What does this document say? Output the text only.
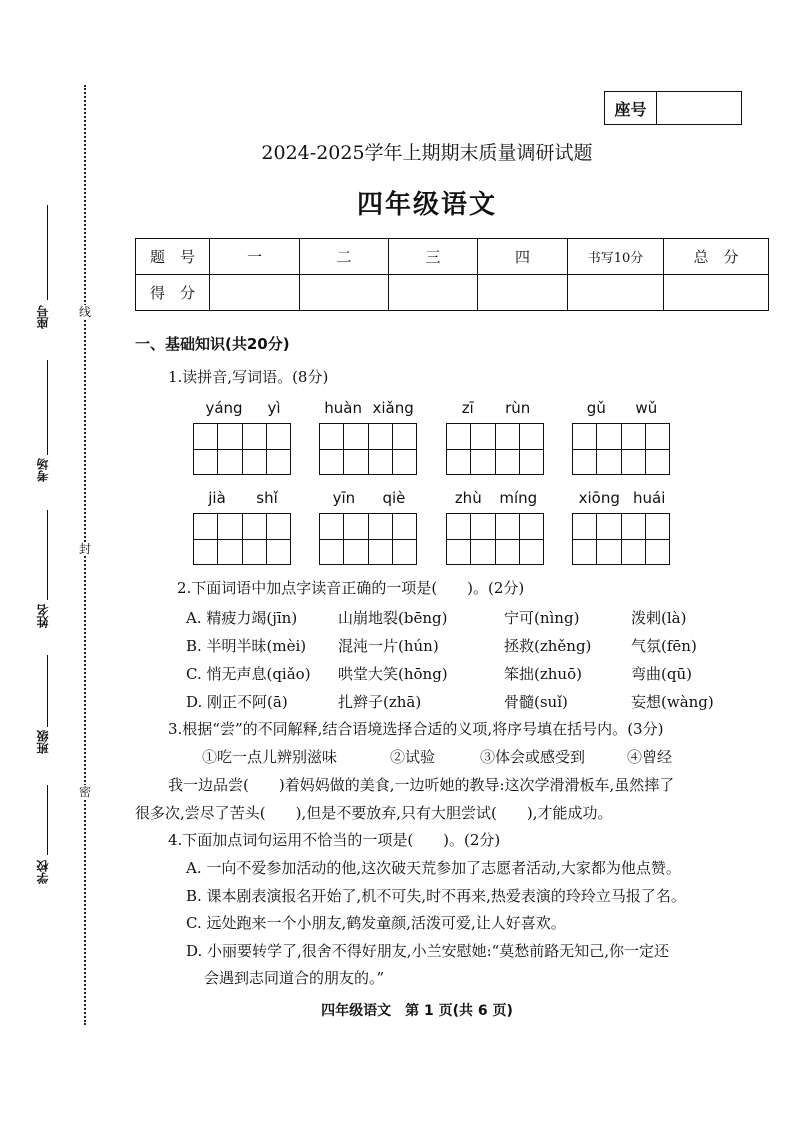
线
封
密
座号
考场
姓名
班级
学校
座号
2024-2025学年上期期末质量调研试题
四年级语文
题　号	一	二	三	四	书写10分	总　分
得　分						
一、基础知识(共20分)
1.读拼音,写词语。(8分)
yáng yì	huàn xiǎng	zī rùn	gǔ wǔ
jià shǐ	yīn qiè	zhù míng	xiōng huái
2.下面词语中加点字读音正确的一项是(　　)。(2分)
A. 精疲力竭(jīn)	山崩地裂(bēng)	宁可(nìng)	泼剌(là)
B. 半明半昧(mèi) 混沌一片(hún)	拯救(zhěng)	气氛(fēn)
C. 悄无声息(qiǎo) 哄堂大笑(hōng)	笨拙(zhuō)	弯曲(qū)
D. 刚正不阿(ā)	扎辫子(zhā)	骨髓(suǐ)	妄想(wàng)
3.根据“尝”的不同解释,结合语境选择合适的义项,将序号填在括号内。(3分)
①吃一点儿辨别滋味	②试验	③体会或感受到	④曾经
我一边品尝(　　)着妈妈做的美食,一边听她的教导:这次学滑滑板车,虽然摔了
很多次,尝尽了苦头(　　),但是不要放弃,只有大胆尝试(　　),才能成功。
4.下面加点词句运用不恰当的一项是(　　)。(2分)
A. 一向不爱参加活动的他,这次破天荒参加了志愿者活动,大家都为他点赞。
B. 课本剧表演报名开始了,机不可失,时不再来,热爱表演的玲玲立马报了名。
C. 远处跑来一个小朋友,鹤发童颜,活泼可爱,让人好喜欢。
D. 小丽要转学了,很舍不得好朋友,小兰安慰她:“莫愁前路无知己,你一定还
会遇到志同道合的朋友的。”
四年级语文　第 1 页(共 6 页)
